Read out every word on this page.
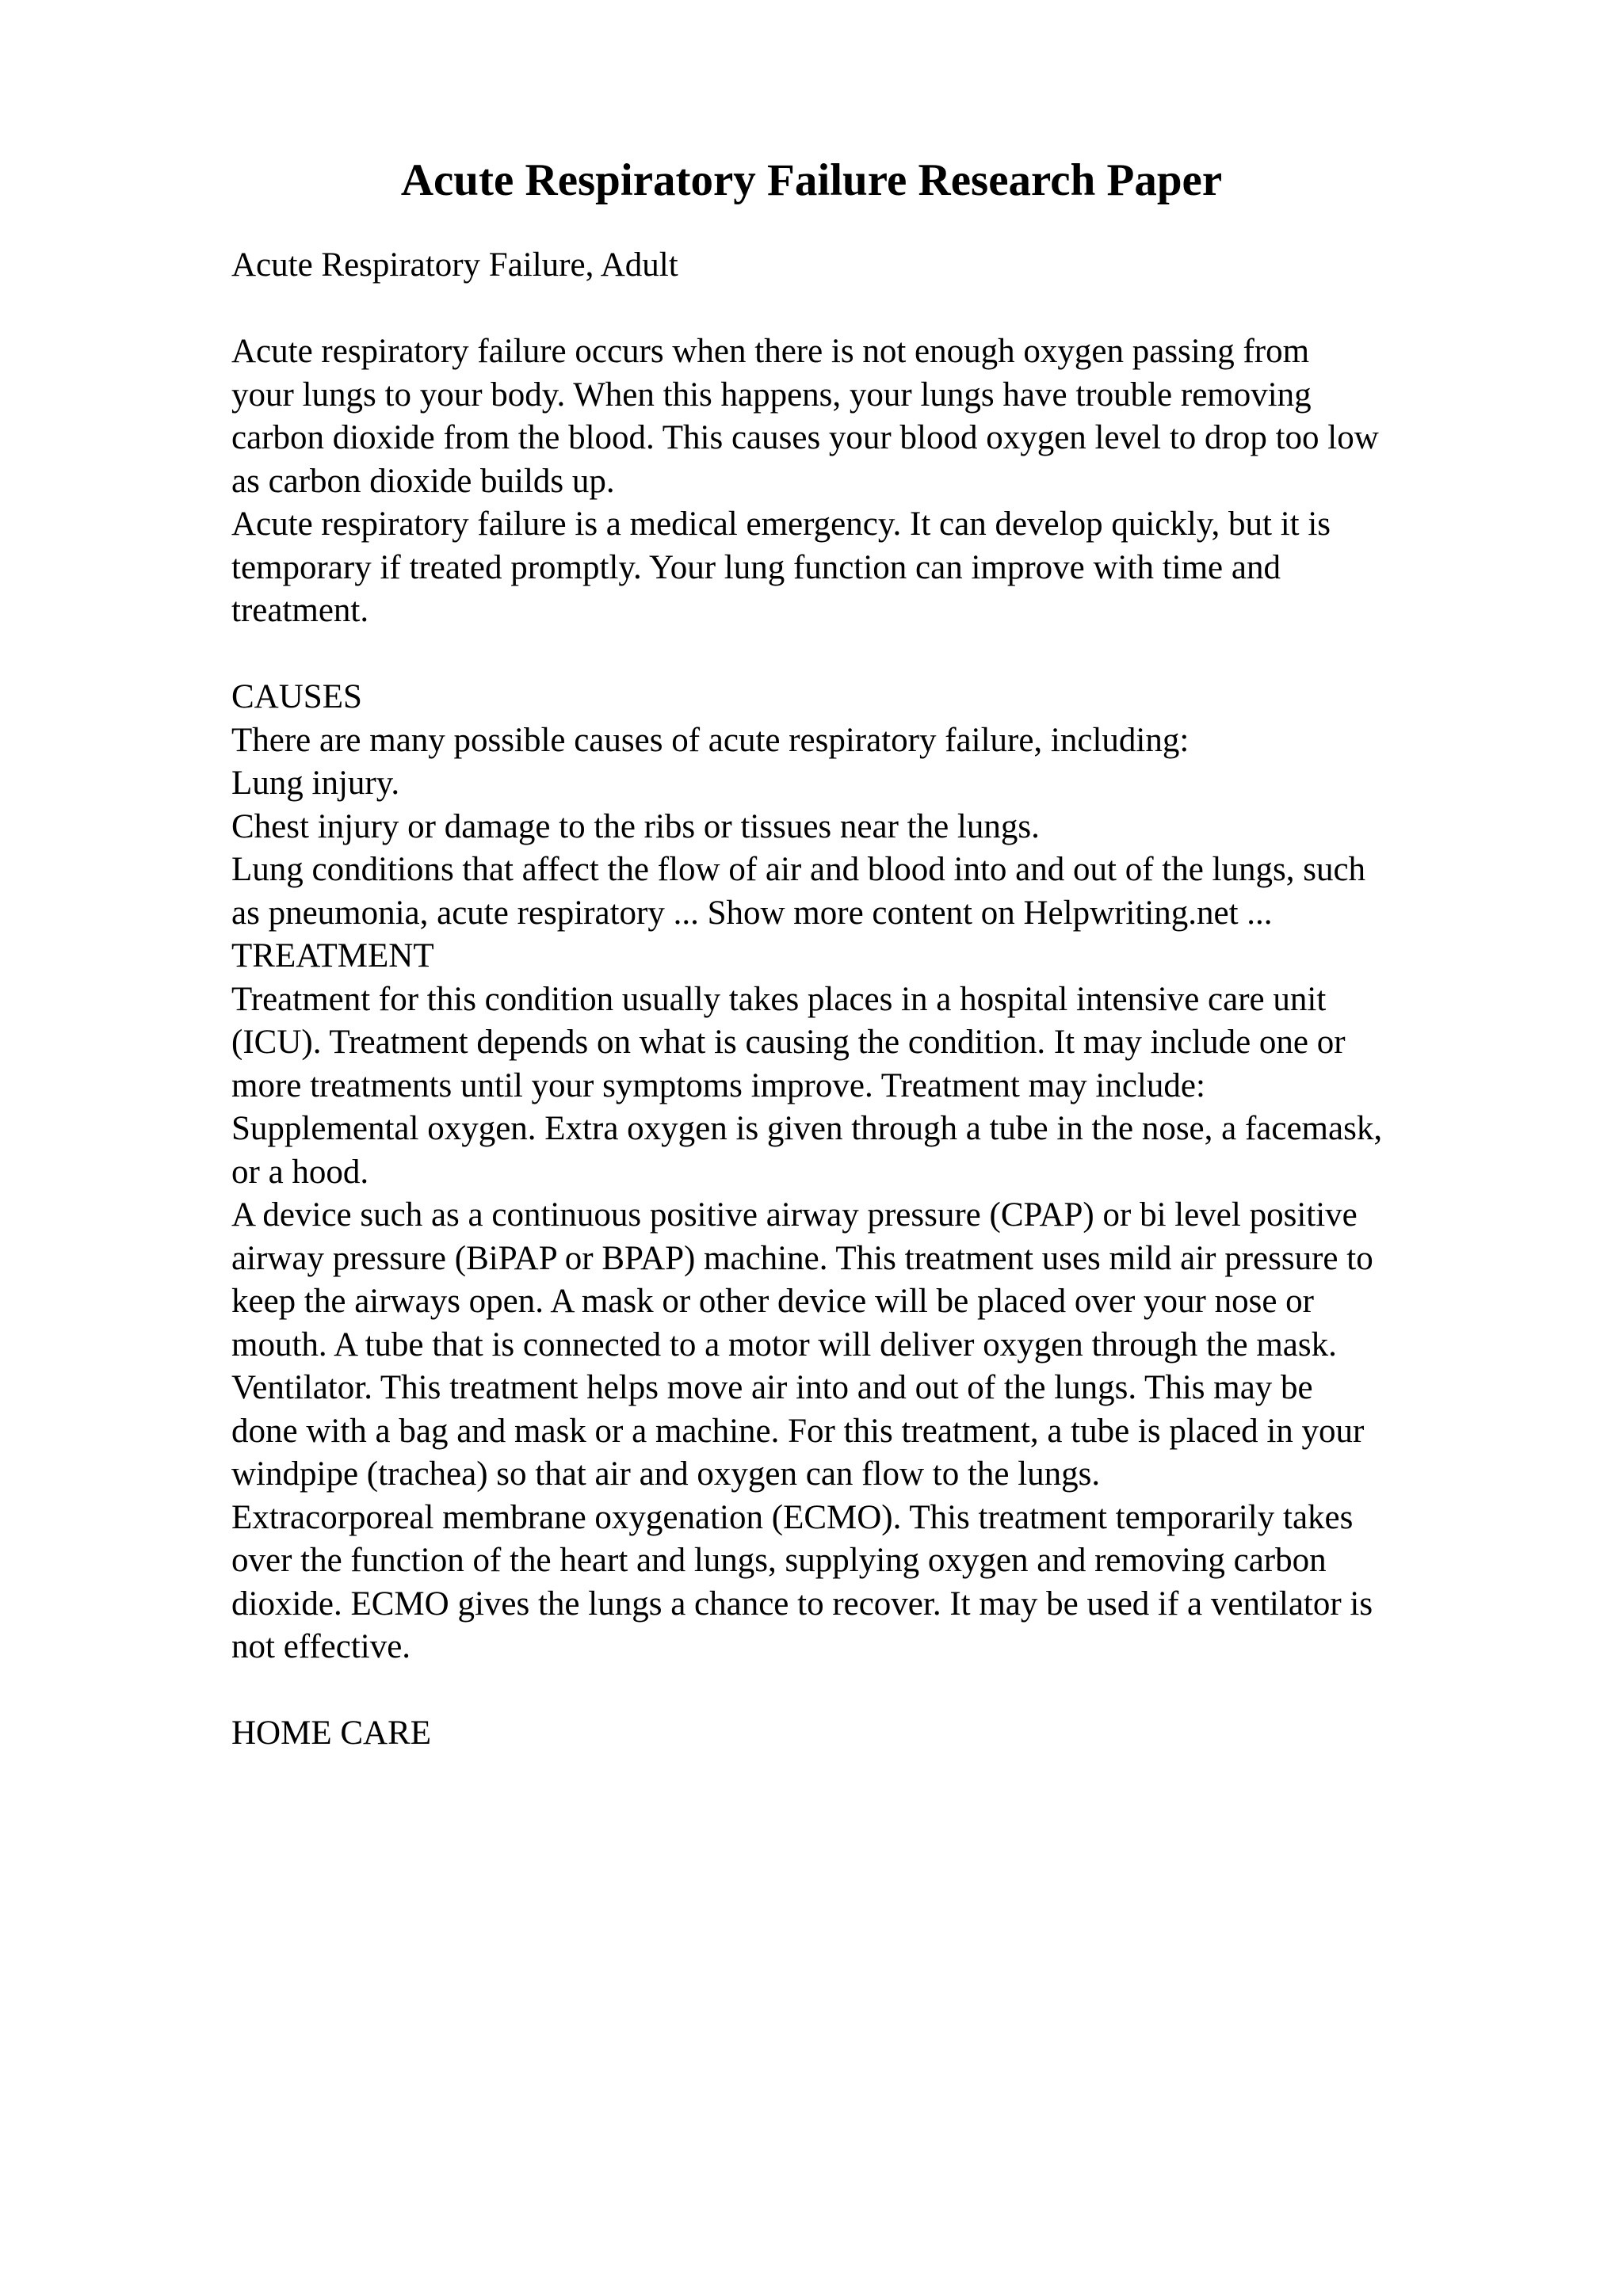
Acute Respiratory Failure Research Paper

Acute Respiratory Failure, Adult

Acute respiratory failure occurs when there is not enough oxygen passing from

your lungs to your body. When this happens, your lungs have trouble removing

carbon dioxide from the blood. This causes your blood oxygen level to drop too low

as carbon dioxide builds up.

Acute respiratory failure is a medical emergency. It can develop quickly, but it is

temporary if treated promptly. Your lung function can improve with time and

treatment.

CAUSES

There are many possible causes of acute respiratory failure, including:

Lung injury.

Chest injury or damage to the ribs or tissues near the lungs.

Lung conditions that affect the flow of air and blood into and out of the lungs, such

as pneumonia, acute respiratory ... Show more content on Helpwriting.net ...

TREATMENT

Treatment for this condition usually takes places in a hospital intensive care unit

(ICU). Treatment depends on what is causing the condition. It may include one or

more treatments until your symptoms improve. Treatment may include:

Supplemental oxygen. Extra oxygen is given through a tube in the nose, a facemask,

or a hood.

A device such as a continuous positive airway pressure (CPAP) or bi level positive

airway pressure (BiPAP or BPAP) machine. This treatment uses mild air pressure to

keep the airways open. A mask or other device will be placed over your nose or

mouth. A tube that is connected to a motor will deliver oxygen through the mask.

Ventilator. This treatment helps move air into and out of the lungs. This may be

done with a bag and mask or a machine. For this treatment, a tube is placed in your

windpipe (trachea) so that air and oxygen can flow to the lungs.

Extracorporeal membrane oxygenation (ECMO). This treatment temporarily takes

over the function of the heart and lungs, supplying oxygen and removing carbon

dioxide. ECMO gives the lungs a chance to recover. It may be used if a ventilator is

not effective.

HOME CARE
